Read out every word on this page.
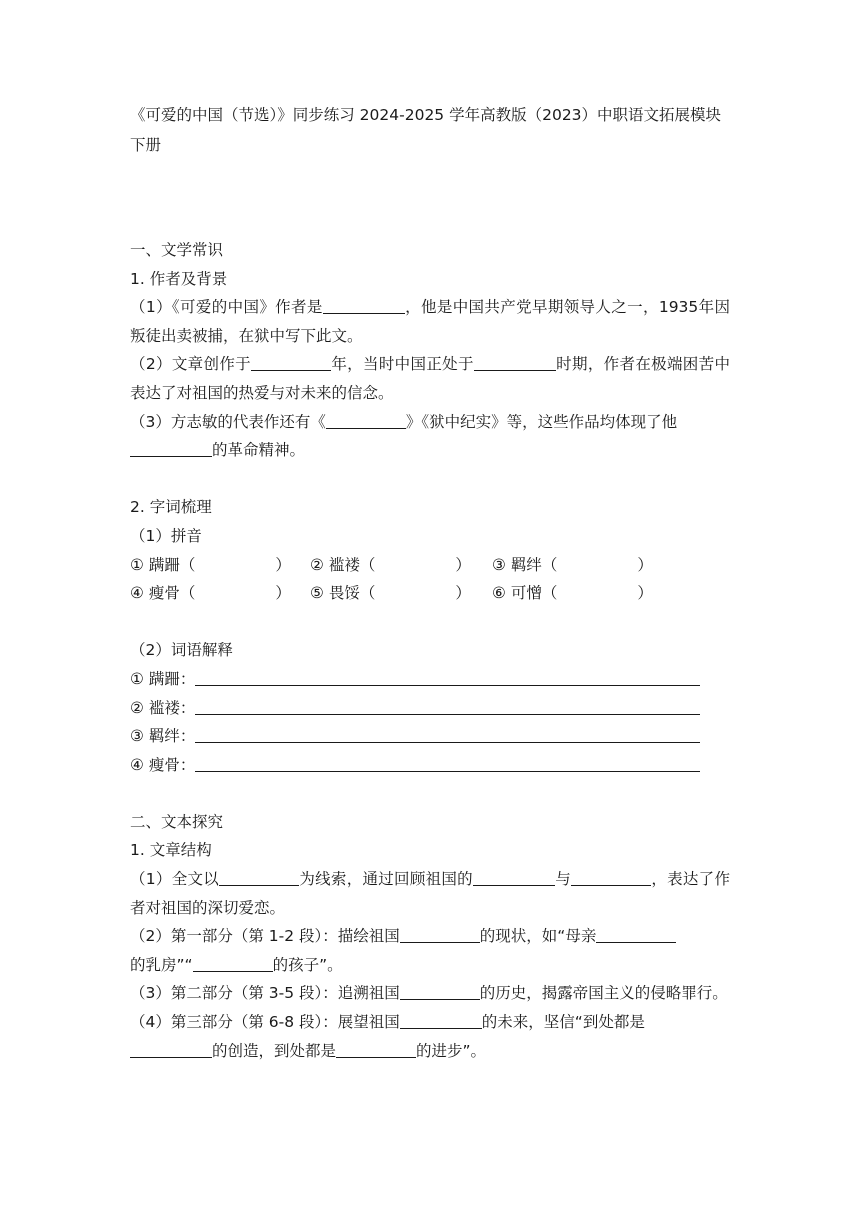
《可爱的中国（节选）》同步练习 2024-2025 学年高教版（2023）中职语文拓展模块下册
一、文学常识
1. 作者及背景
（1）《可爱的中国》作者是	，他是中国共产党早期领导人之一，1935年因叛徒出卖被捕，在狱中写下此文。
（2）文章创作于	年，当时中国正处于	时期，作者在极端困苦中表达了对祖国的热爱与对未来的信念。
（3）方志敏的代表作还有《	》《狱中纪实》等，这些作品均体现了他
的革命精神。
2. 字词梳理
（1）拼音
① 蹒跚（	）	② 褴褛（	）	③ 羁绊（	）
④ 瘦骨（	）	⑤ 畏馁（	）	⑥ 可憎（	）
（2）词语解释
① 蹒跚：
② 褴褛：
③ 羁绊：
④ 瘦骨：
二、文本探究
1. 文章结构
（1）全文以	为线索，通过回顾祖国的	与	，表达了作者对祖国的深切爱恋。
（2）第一部分（第 1-2 段）：描绘祖国	的现状，如“母亲
的乳房”“	的孩子”。
（3）第二部分（第 3-5 段）：追溯祖国	的历史，揭露帝国主义的侵略罪行。
（4）第三部分（第 6-8 段）：展望祖国	的未来，坚信“到处都是
的创造，到处都是	的进步”。
